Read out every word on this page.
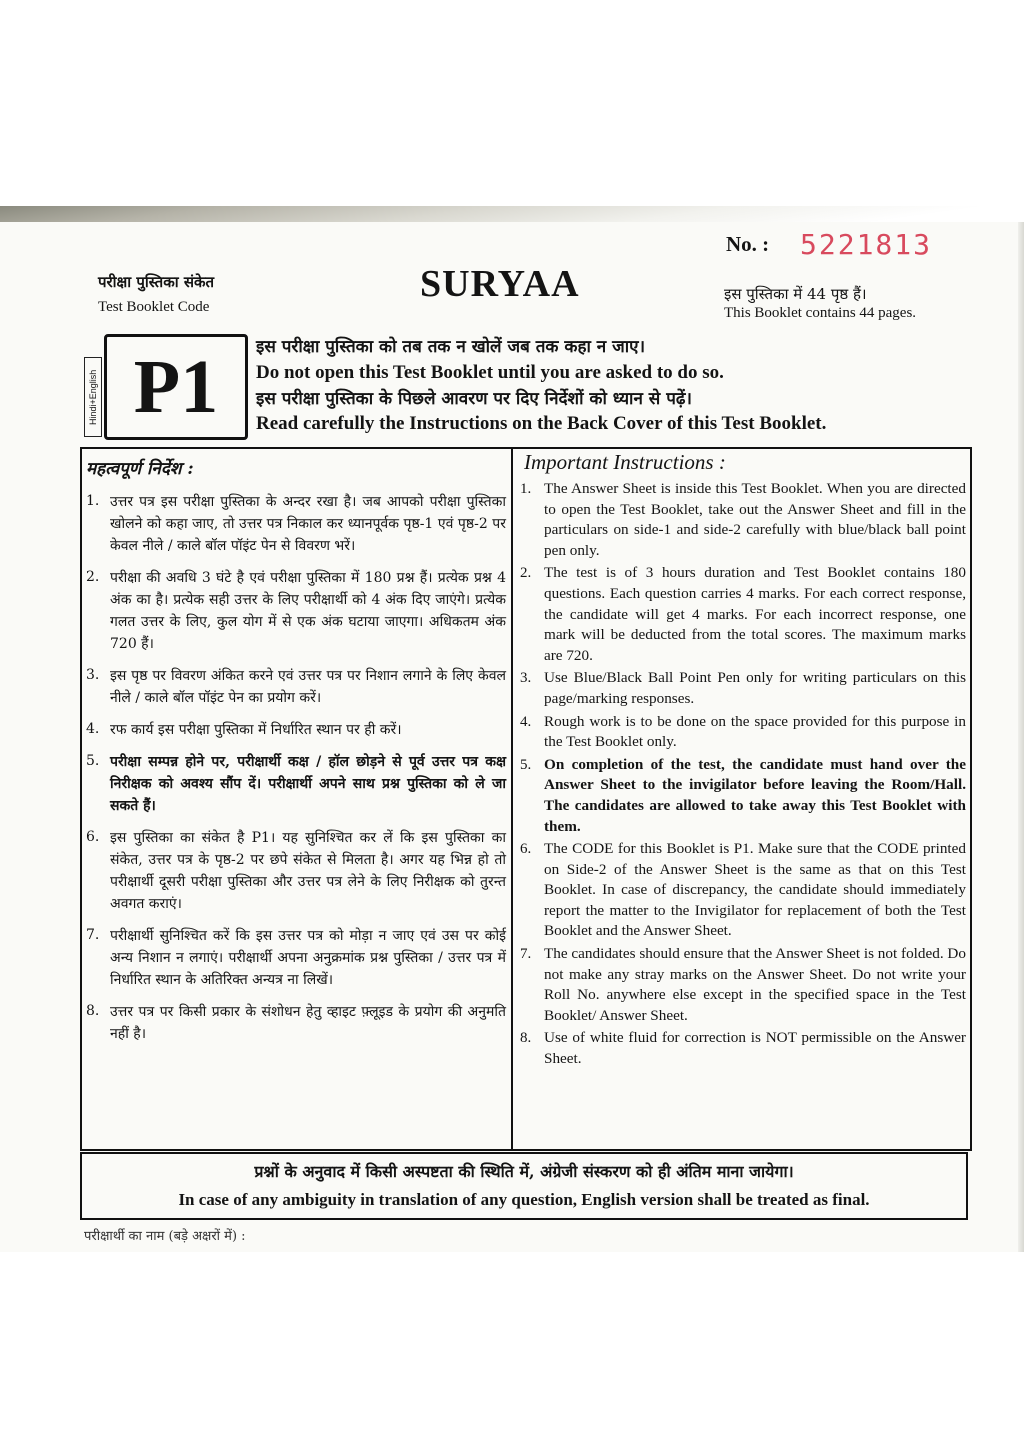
परीक्षा पुस्तिका संकेत
Test Booklet Code
SURYAA
No. : 5221813
इस पुस्तिका में 44 पृष्ठ हैं।
This Booklet contains 44 pages.
Hindi+English P1	इस परीक्षा पुस्तिका को तब तक न खोलें जब तक कहा न जाए।
Do not open this Test Booklet until you are asked to do so.
इस परीक्षा पुस्तिका के पिछले आवरण पर दिए निर्देशों को ध्यान से पढ़ें।
Read carefully the Instructions on the Back Cover of this Test Booklet.
महत्वपूर्ण निर्देश :
1. उत्तर पत्र इस परीक्षा पुस्तिका के अन्दर रखा है। जब आपको परीक्षा पुस्तिका खोलने को कहा जाए, तो उत्तर पत्र निकाल कर ध्यानपूर्वक पृष्ठ-1 एवं पृष्ठ-2 पर केवल नीले / काले बॉल पॉइंट पेन से विवरण भरें।
2. परीक्षा की अवधि 3 घंटे है एवं परीक्षा पुस्तिका में 180 प्रश्न हैं। प्रत्येक प्रश्न 4 अंक का है। प्रत्येक सही उत्तर के लिए परीक्षार्थी को 4 अंक दिए जाएंगे। प्रत्येक गलत उत्तर के लिए, कुल योग में से एक अंक घटाया जाएगा। अधिकतम अंक 720 हैं।
3. इस पृष्ठ पर विवरण अंकित करने एवं उत्तर पत्र पर निशान लगाने के लिए केवल नीले / काले बॉल पॉइंट पेन का प्रयोग करें।
4. रफ कार्य इस परीक्षा पुस्तिका में निर्धारित स्थान पर ही करें।
5. परीक्षा सम्पन्न होने पर, परीक्षार्थी कक्ष / हॉल छोड़ने से पूर्व उत्तर पत्र कक्ष निरीक्षक को अवश्य सौंप दें। परीक्षार्थी अपने साथ प्रश्न पुस्तिका को ले जा सकते हैं।
6. इस पुस्तिका का संकेत है P1। यह सुनिश्चित कर लें कि इस पुस्तिका का संकेत, उत्तर पत्र के पृष्ठ-2 पर छपे संकेत से मिलता है। अगर यह भिन्न हो तो परीक्षार्थी दूसरी परीक्षा पुस्तिका और उत्तर पत्र लेने के लिए निरीक्षक को तुरन्त अवगत कराएं।
7. परीक्षार्थी सुनिश्चित करें कि इस उत्तर पत्र को मोड़ा न जाए एवं उस पर कोई अन्य निशान न लगाएं। परीक्षार्थी अपना अनुक्रमांक प्रश्न पुस्तिका / उत्तर पत्र में निर्धारित स्थान के अतिरिक्त अन्यत्र ना लिखें।
8. उत्तर पत्र पर किसी प्रकार के संशोधन हेतु व्हाइट फ़्लूइड के प्रयोग की अनुमति नहीं है।
Important Instructions :
1. The Answer Sheet is inside this Test Booklet. When you are directed to open the Test Booklet, take out the Answer Sheet and fill in the particulars on side-1 and side-2 carefully with blue/black ball point pen only.
2. The test is of 3 hours duration and Test Booklet contains 180 questions. Each question carries 4 marks. For each correct response, the candidate will get 4 marks. For each incorrect response, one mark will be deducted from the total scores. The maximum marks are 720.
3. Use Blue/Black Ball Point Pen only for writing particulars on this page/marking responses.
4. Rough work is to be done on the space provided for this purpose in the Test Booklet only.
5. On completion of the test, the candidate must hand over the Answer Sheet to the invigilator before leaving the Room/Hall. The candidates are allowed to take away this Test Booklet with them.
6. The CODE for this Booklet is P1. Make sure that the CODE printed on Side-2 of the Answer Sheet is the same as that on this Test Booklet. In case of discrepancy, the candidate should immediately report the matter to the Invigilator for replacement of both the Test Booklet and the Answer Sheet.
7. The candidates should ensure that the Answer Sheet is not folded. Do not make any stray marks on the Answer Sheet. Do not write your Roll No. anywhere else except in the specified space in the Test Booklet/ Answer Sheet.
8. Use of white fluid for correction is NOT permissible on the Answer Sheet.
प्रश्नों के अनुवाद में किसी अस्पष्टता की स्थिति में, अंग्रेजी संस्करण को ही अंतिम माना जायेगा।
In case of any ambiguity in translation of any question, English version shall be treated as final.
परीक्षार्थी का नाम (बड़े अक्षरों में) :
